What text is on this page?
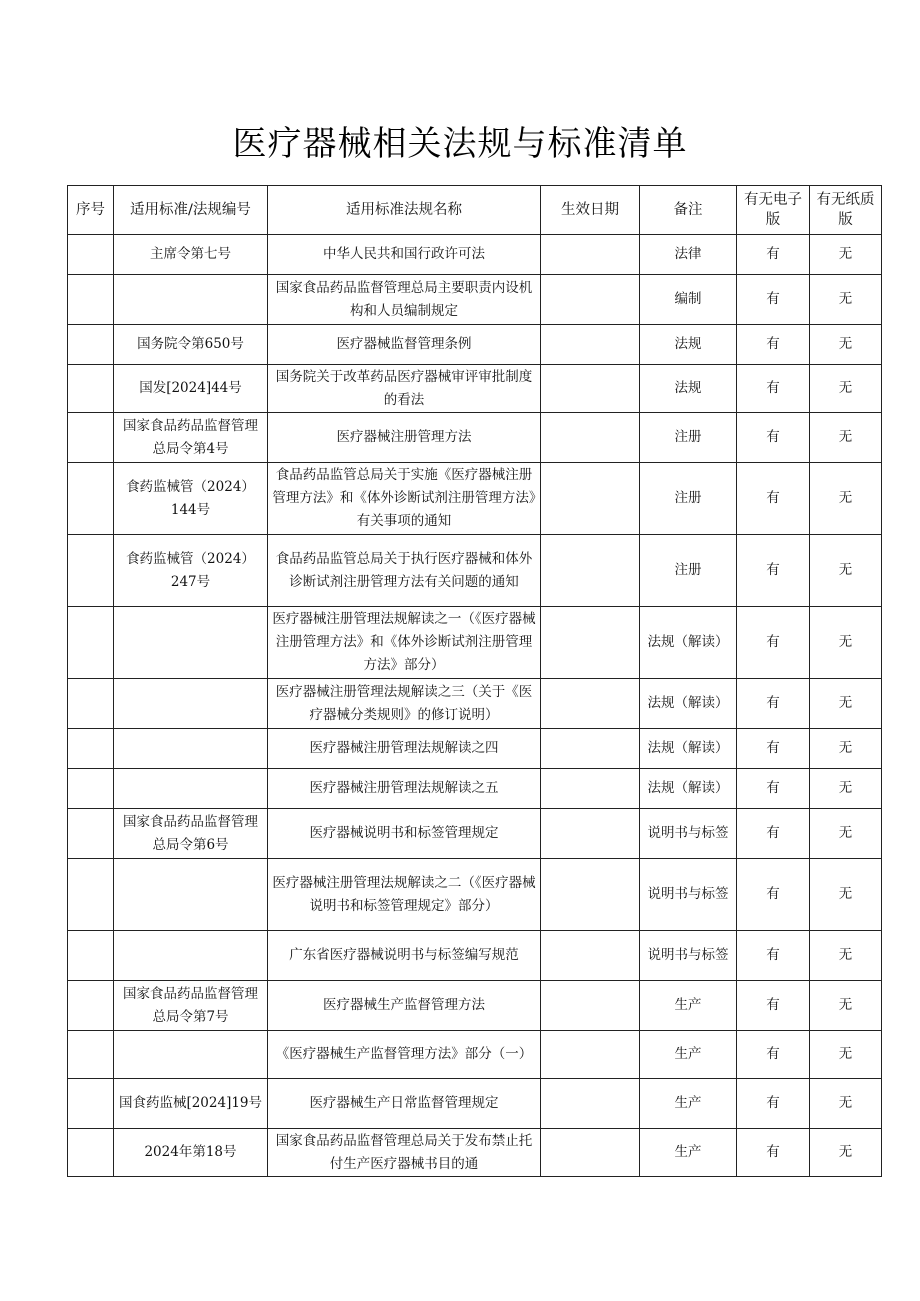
医疗器械相关法规与标准清单
序号	适用标准/法规编号	适用标准法规名称	生效日期	备注	有无电子版	有无纸质版
	主席令第七号	中华人民共和国行政许可法		法律	有	无
		国家食品药品监督管理总局主要职责内设机构和人员编制规定		编制	有	无
	国务院令第650号	医疗器械监督管理条例		法规	有	无
	国发[2024]44号	国务院关于改革药品医疗器械审评审批制度的看法		法规	有	无
	国家食品药品监督管理总局令第4号	医疗器械注册管理方法		注册	有	无
	食药监械管（2024）144号	食品药品监管总局关于实施《医疗器械注册管理方法》和《体外诊断试剂注册管理方法》有关事项的通知		注册	有	无
	食药监械管（2024）247号	食品药品监管总局关于执行医疗器械和体外诊断试剂注册管理方法有关问题的通知		注册	有	无
		医疗器械注册管理法规解读之一（《医疗器械注册管理方法》和《体外诊断试剂注册管理方法》部分）		法规（解读）	有	无
		医疗器械注册管理法规解读之三（关于《医疗器械分类规则》的修订说明）		法规（解读）	有	无
		医疗器械注册管理法规解读之四		法规（解读）	有	无
		医疗器械注册管理法规解读之五		法规（解读）	有	无
	国家食品药品监督管理总局令第6号	医疗器械说明书和标签管理规定		说明书与标签	有	无
		医疗器械注册管理法规解读之二（《医疗器械说明书和标签管理规定》部分）		说明书与标签	有	无
		广东省医疗器械说明书与标签编写规范		说明书与标签	有	无
	国家食品药品监督管理总局令第7号	医疗器械生产监督管理方法		生产	有	无
		《医疗器械生产监督管理方法》部分（一）		生产	有	无
	国食药监械[2024]19号	医疗器械生产日常监督管理规定		生产	有	无
	2024年第18号	国家食品药品监督管理总局关于发布禁止托付生产医疗器械书目的通		生产	有	无
